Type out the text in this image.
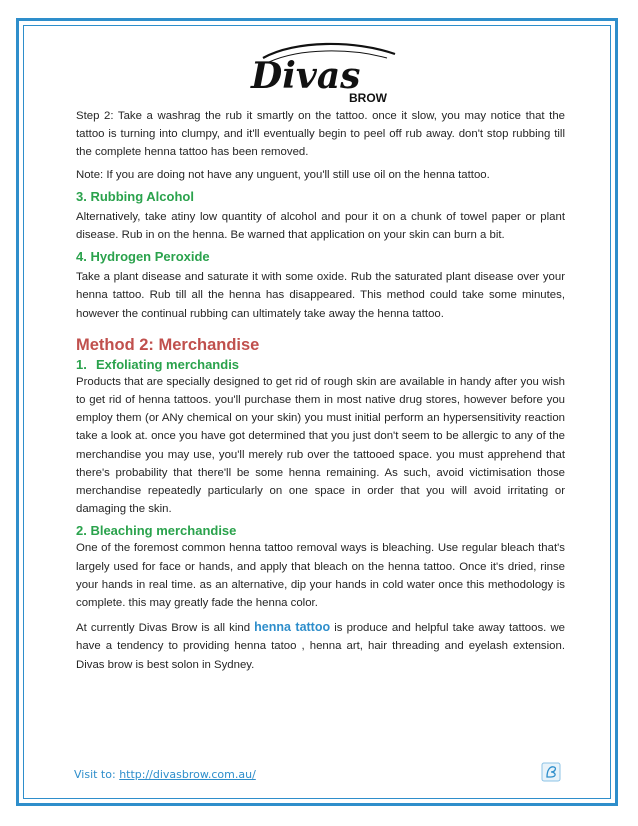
Divas
BROW

Step 2: Take a washrag the rub it smartly on the tattoo. once it slow, you may notice that the tattoo is turning into clumpy, and it'll eventually begin to peel off rub away. don't stop rubbing till the complete henna tattoo has been removed.

Note: If you are doing not have any unguent, you'll still use oil on the henna tattoo.

3. Rubbing Alcohol

Alternatively, take atiny low quantity of alcohol and pour it on a chunk of towel paper or plant disease. Rub in on the henna. Be warned that application on your skin can burn a bit.

4. Hydrogen Peroxide

Take a plant disease and saturate it with some oxide. Rub the saturated plant disease over your henna tattoo. Rub till all the henna has disappeared. This method could take some minutes, however the continual rubbing can ultimately take away the henna tattoo.

Method 2: Merchandise
1. Exfoliating merchandis

Products that are specially designed to get rid of rough skin are available in handy after you wish to get rid of henna tattoos. you'll purchase them in most native drug stores, however before you employ them (or ANy chemical on your skin) you must initial perform an hypersensitivity reaction take a look at. once you have got determined that you just don't seem to be allergic to any of the merchandise you may use, you'll merely rub over the tattooed space. you must apprehend that there's probability that there'll be some henna remaining. As such, avoid victimisation those merchandise repeatedly particularly on one space in order that you will avoid irritating or damaging the skin.

2. Bleaching merchandise

One of the foremost common henna tattoo removal ways is bleaching. Use regular bleach that's largely used for face or hands, and apply that bleach on the henna tattoo. Once it's dried, rinse your hands in real time. as an alternative, dip your hands in cold water once this methodology is complete. this may greatly fade the henna color.

At currently Divas Brow is all kind henna tattoo is produce and helpful take away tattoos. we have a tendency to providing henna tatoo , henna art, hair threading and eyelash extension. Divas brow is best solon in Sydney.

Visit to: http://divasbrow.com.au/
